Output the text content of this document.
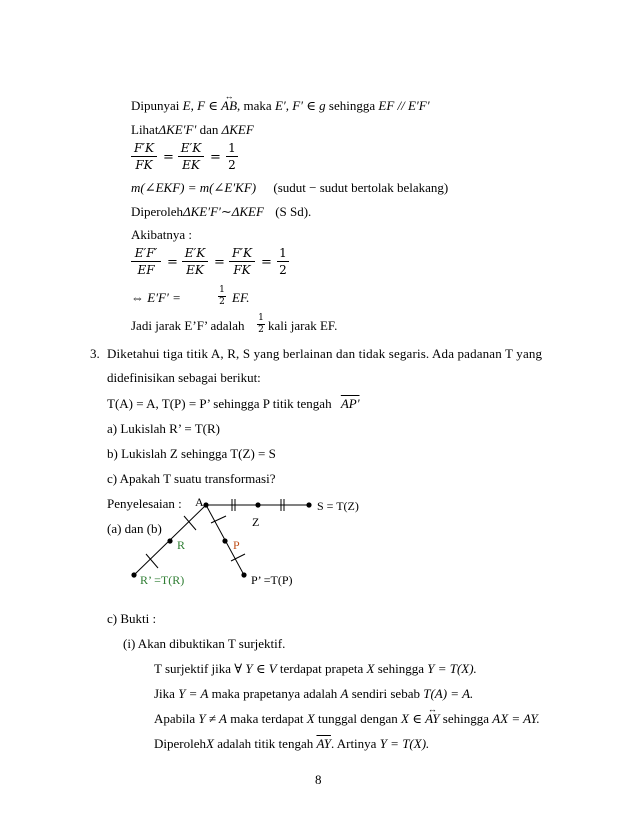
Dipunyai E, F ∈ ↔ AB, maka E′, F′ ∈ g sehingga EF // E′F′
LihatΔKE′F′ dan ΔKEF
F′K
FK =
E′K
EK =
1
2
m(∠EKF) = m(∠E′KF) (sudut − sudut bertolak belakang)
DiperolehΔKE′F′∼ΔKEF (S Sd).
Akibatnya :
E′F′
EF =
E′K
EK =
F′K
FK =
1
2
⇔ E′F′ =	1
2 EF.
Jadi jarak E’F’ adalah 1
2 kali jarak EF.
3. Diketahui tiga titik A, R, S yang berlainan dan tidak segaris. Ada padanan T yang
didefinisikan sebagai berikut:
T(A) = A, T(P) = P’ sehingga P titik tengah AP'
a) Lukislah R’ = T(R)
b) Lukislah Z sehingga T(Z) = S
c) Apakah T suatu transformasi?
Penyelesaian :
(a) dan (b)
A	S = T(Z)
Z
R	P
R’ =T(R)	P’ =T(P)
c) Bukti :
(i) Akan dibuktikan T surjektif.
T surjektif jika ∀ Y ∈ V terdapat prapeta X sehingga Y = T(X).
Jika Y = A maka prapetanya adalah A sendiri sebab T(A) = A.
Apabila Y ≠ A maka terdapat X tunggal dengan X ∈ ↔ AY sehingga AX = AY.
DiperolehX adalah titik tengah $\overline{AY}$. Artinya Y = T(X).
8
